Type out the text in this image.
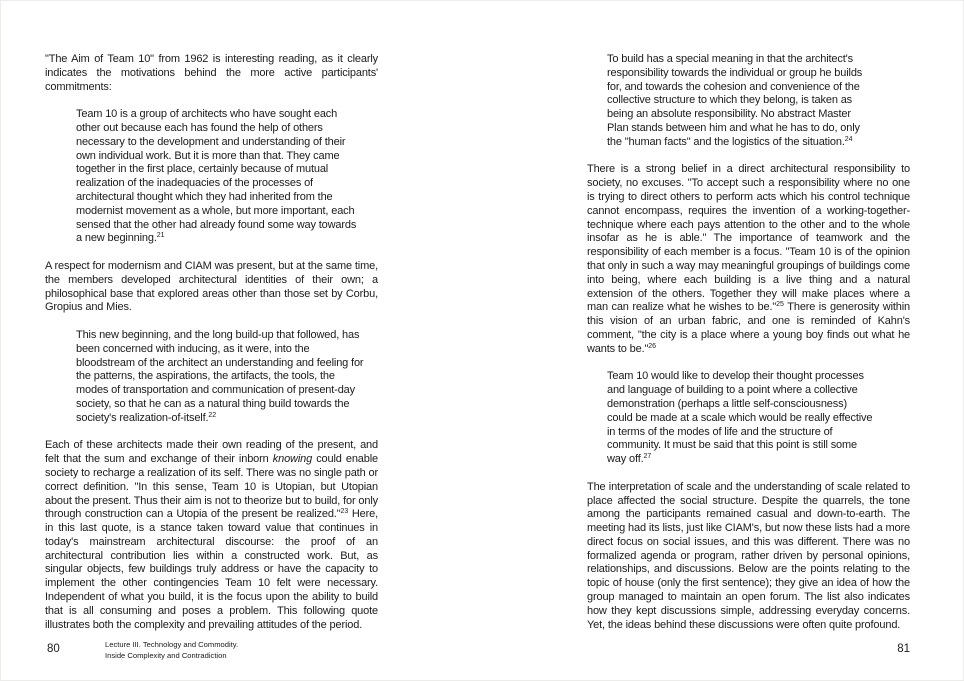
"The Aim of Team 10" from 1962 is interesting reading, as it clearly indicates the motivations behind the more active participants' commitments:

Team 10 is a group of architects who have sought each other out because each has found the help of others necessary to the development and understanding of their own individual work. But it is more than that. They came together in the first place, certainly because of mutual realization of the inadequacies of the processes of architectural thought which they had inherited from the modernist movement as a whole, but more important, each sensed that the other had already found some way towards a new beginning.$^{21}$

A respect for modernism and CIAM was present, but at the same time, the members developed architectural identities of their own; a philosophical base that explored areas other than those set by Corbu, Gropius and Mies.

This new beginning, and the long build-up that followed, has been concerned with inducing, as it were, into the bloodstream of the architect an understanding and feeling for the patterns, the aspirations, the artifacts, the tools, the modes of transportation and communication of present-day society, so that he can as a natural thing build towards the society's realization-of-itself.$^{22}$

Each of these architects made their own reading of the present, and felt that the sum and exchange of their inborn knowing could enable society to recharge a realization of its self. There was no single path or correct definition. "In this sense, Team 10 is Utopian, but Utopian about the present. Thus their aim is not to theorize but to build, for only through construction can a Utopia of the present be realized."$^{23}$ Here, in this last quote, is a stance taken toward value that continues in today's mainstream architectural discourse: the proof of an architectural contribution lies within a constructed work. But, as singular objects, few buildings truly address or have the capacity to implement the other contingencies Team 10 felt were necessary. Independent of what you build, it is the focus upon the ability to build that is all consuming and poses a problem. This following quote illustrates both the complexity and prevailing attitudes of the period.

To build has a special meaning in that the architect's responsibility towards the individual or group he builds for, and towards the cohesion and convenience of the collective structure to which they belong, is taken as being an absolute responsibility. No abstract Master Plan stands between him and what he has to do, only the "human facts" and the logistics of the situation.$^{24}$

There is a strong belief in a direct architectural responsibility to society, no excuses. "To accept such a responsibility where no one is trying to direct others to perform acts which his control technique cannot encompass, requires the invention of a working-together-technique where each pays attention to the other and to the whole insofar as he is able." The importance of teamwork and the responsibility of each member is a focus. "Team 10 is of the opinion that only in such a way may meaningful groupings of buildings come into being, where each building is a live thing and a natural extension of the others. Together they will make places where a man can realize what he wishes to be."$^{25}$ There is generosity within this vision of an urban fabric, and one is reminded of Kahn's comment, "the city is a place where a young boy finds out what he wants to be."$^{26}$

Team 10 would like to develop their thought processes and language of building to a point where a collective demonstration (perhaps a little self-consciousness) could be made at a scale which would be really effective in terms of the modes of life and the structure of community. It must be said that this point is still some way off.$^{27}$

The interpretation of scale and the understanding of scale related to place affected the social structure. Despite the quarrels, the tone among the participants remained casual and down-to-earth. The meeting had its lists, just like CIAM's, but now these lists had a more direct focus on social issues, and this was different. There was no formalized agenda or program, rather driven by personal opinions, relationships, and discussions. Below are the points relating to the topic of house (only the first sentence); they give an idea of how the group managed to maintain an open forum. The list also indicates how they kept discussions simple, addressing everyday concerns. Yet, the ideas behind these discussions were often quite profound.

80	Lecture III. Technology and Commodity.
Inside Complexity and Contradiction
81
